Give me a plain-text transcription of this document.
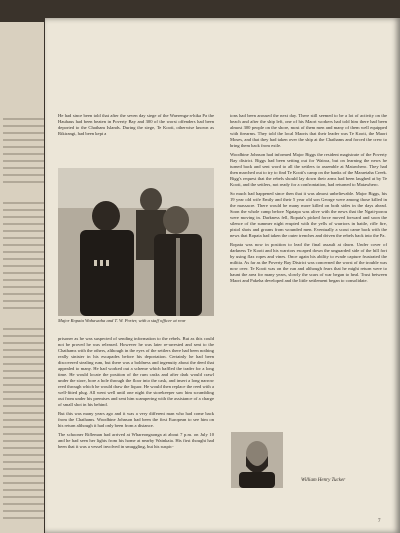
He had since been told that after the seven day siege of the Waerenga-a-hika Pa the Hauhaus had been beaten in Poverty Bay and 300 of the worst offenders had been deported to the Chatham Islands. During the siege, Te Kooti, otherwise known as Rikirangi, had been kept a

Major Ropata Wahawaha and T. W. Porter, with a staff officer at rear

prisoner as he was suspected of sending information to the rebels. But as this could not be proved he was released. However he was later re-arrested and sent to the Chathams with the others, although in the eyes of the settlers there had been nothing really sinister in his escapades before his deportation. Certainly he had been discovered stealing rum, but there was a boldness and ingenuity about the deed that appealed to many. He had worked out a scheme which baffled the trader for a long time. He would locate the position of the rum casks and after dark would crawl under the store, bore a hole through the floor into the cask, and insert a long narrow reed through which he would draw the liquor. He would then replace the reed with a well-fitted plug. All went well until one night the storekeeper saw him scrambling out from under his premises and sent him scampering with the assistance of a charge of small shot in his behind.

But this was many years ago and it was a very different man who had come back from the Chathams. Woodbine Johnson had been the first European to see him on his return although it had only been from a distance.

The schooner Rifleman had arrived at Whareongaonga at about 7 p.m. on July 10 and he had seen her lights from his home at nearby Wainkaia. His first thought had been that it was a vessel involved in smuggling, but his suspic-

ions had been aroused the next day. There still seemed to be a lot of activity on the beach and after the ship left, one of his Maori workers had told him there had been almost 300 people on the shore, most of them men and many of them well equipped with firearms. They told the local Maoris that their leader was Te Kooti, the Maori Moses, and that they had taken over the ship at the Chathams and forced the crew to bring them back from exile.

Woodbine Johnson had informed Major Biggs the resident magistrate of the Poverty Bay district. Biggs had been setting out for Wairoa, but on learning the news he turned back and sent word to all the settlers to assemble at Matawhero. They had then marched out to try to find Te Kooti's camp on the banks of the Maraetaha Creek. Bigg's request that the rebels should lay down their arms had been laughed at by Te Kooti, and the settlers, not ready for a confrontation, had returned to Matawhero.

So much had happened since then that it was almost unbelievable. Major Biggs, his 19 year old wife Emily and their 5 year old son George were among those killed in the massacre. There would be many more killed on both sides in the days ahead. Soon the whole camp before Ngatapa was alive with the news that the Ngati-porou were moving in. Darkness fell, Ropata's picked force moved forward and soon the silence of the summer night erupted with the yells of warriors in battle, rifle fire, pistol shots and groans from wounded men. Eventually a scout came back with the news that Ropata had taken the outer trenches and driven the rebels back into the Pa.

Ropata was now in position to lead the final assault at dawn. Under cover of darkness Te Kooti and his warriors escaped down the unguarded side of the hill fort by using flax ropes and vines. Once again his ability to evade capture frustrated the militia. As far as the Poverty Bay District was concerned the worst of the trouble was now over. Te Kooti was on the run and although fears that he might return were to haunt the area for many years, slowly the scars of war began to heal. Trust between Maori and Pakeha developed and the little settlement began to consolidate.

William Henry Tucker
7
